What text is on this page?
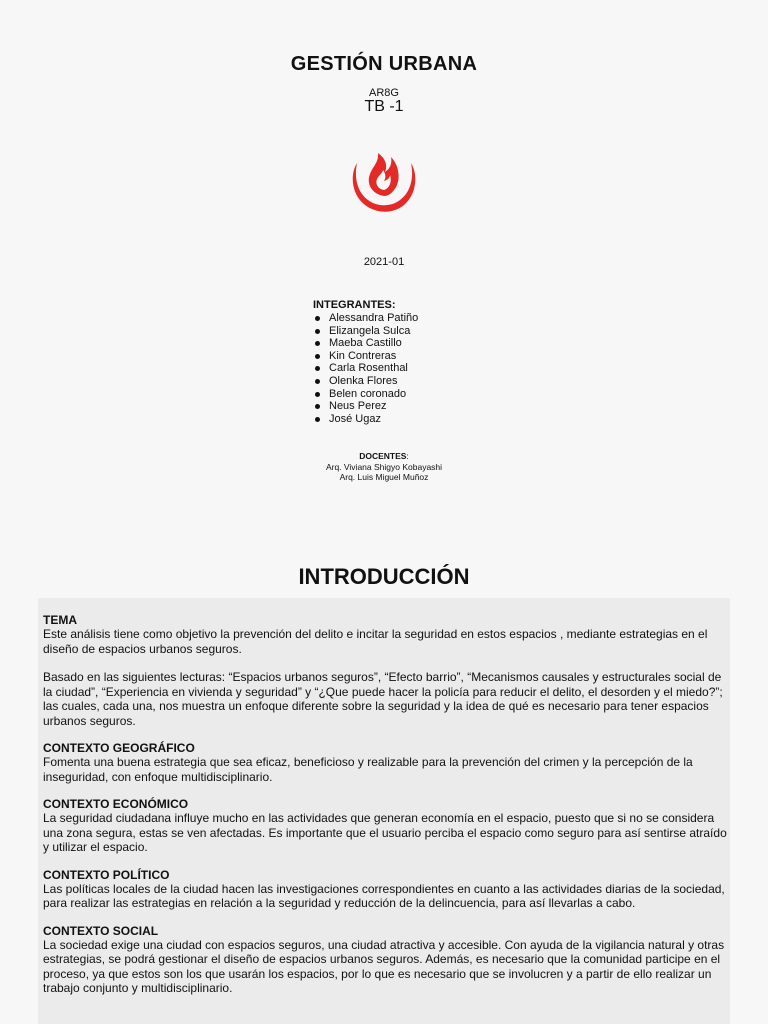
GESTIÓN URBANA
AR8G
TB -1
2021-01
INTEGRANTES:
Alessandra Patiño
Elizangela Sulca
Maeba Castillo
Kin Contreras
Carla Rosenthal
Olenka Flores
Belen coronado
Neus Perez
José Ugaz
DOCENTES:
Arq. Viviana Shigyo Kobayashi
Arq. Luis Miguel Muñoz
INTRODUCCIÓN
TEMA

Este análisis tiene como objetivo la prevención del delito e incitar la seguridad en estos espacios , mediante estrategias en el diseño de espacios urbanos seguros.

Basado en las siguientes lecturas: “Espacios urbanos seguros”, “Efecto barrio”, “Mecanismos causales y estructurales social de la ciudad”, “Experiencia en vivienda y seguridad” y “¿Que puede hacer la policía para reducir el delito, el desorden y el miedo?”; las cuales, cada una, nos muestra un enfoque diferente sobre la seguridad y la idea de qué es necesario para tener espacios urbanos seguros.

CONTEXTO GEOGRÁFICO

Fomenta una buena estrategia que sea eficaz, beneficioso y realizable para la prevención del crimen y la percepción de la inseguridad, con enfoque multidisciplinario.

CONTEXTO ECONÓMICO

La seguridad ciudadana influye mucho en las actividades que generan economía en el espacio, puesto que si no se considera una zona segura, estas se ven afectadas. Es importante que el usuario perciba el espacio como seguro para así sentirse atraído y utilizar el espacio.

CONTEXTO POLÍTICO

Las políticas locales de la ciudad hacen las investigaciones correspondientes en cuanto a las actividades diarias de la sociedad, para realizar las estrategias en relación a la seguridad y reducción de la delincuencia, para así llevarlas a cabo.

CONTEXTO SOCIAL

La sociedad exige una ciudad con espacios seguros, una ciudad atractiva y accesible. Con ayuda de la vigilancia natural y otras estrategias, se podrá gestionar el diseño de espacios urbanos seguros. Además, es necesario que la comunidad participe en el proceso, ya que estos son los que usarán los espacios, por lo que es necesario que se involucren y a partir de ello realizar un trabajo conjunto y multidisciplinario.
